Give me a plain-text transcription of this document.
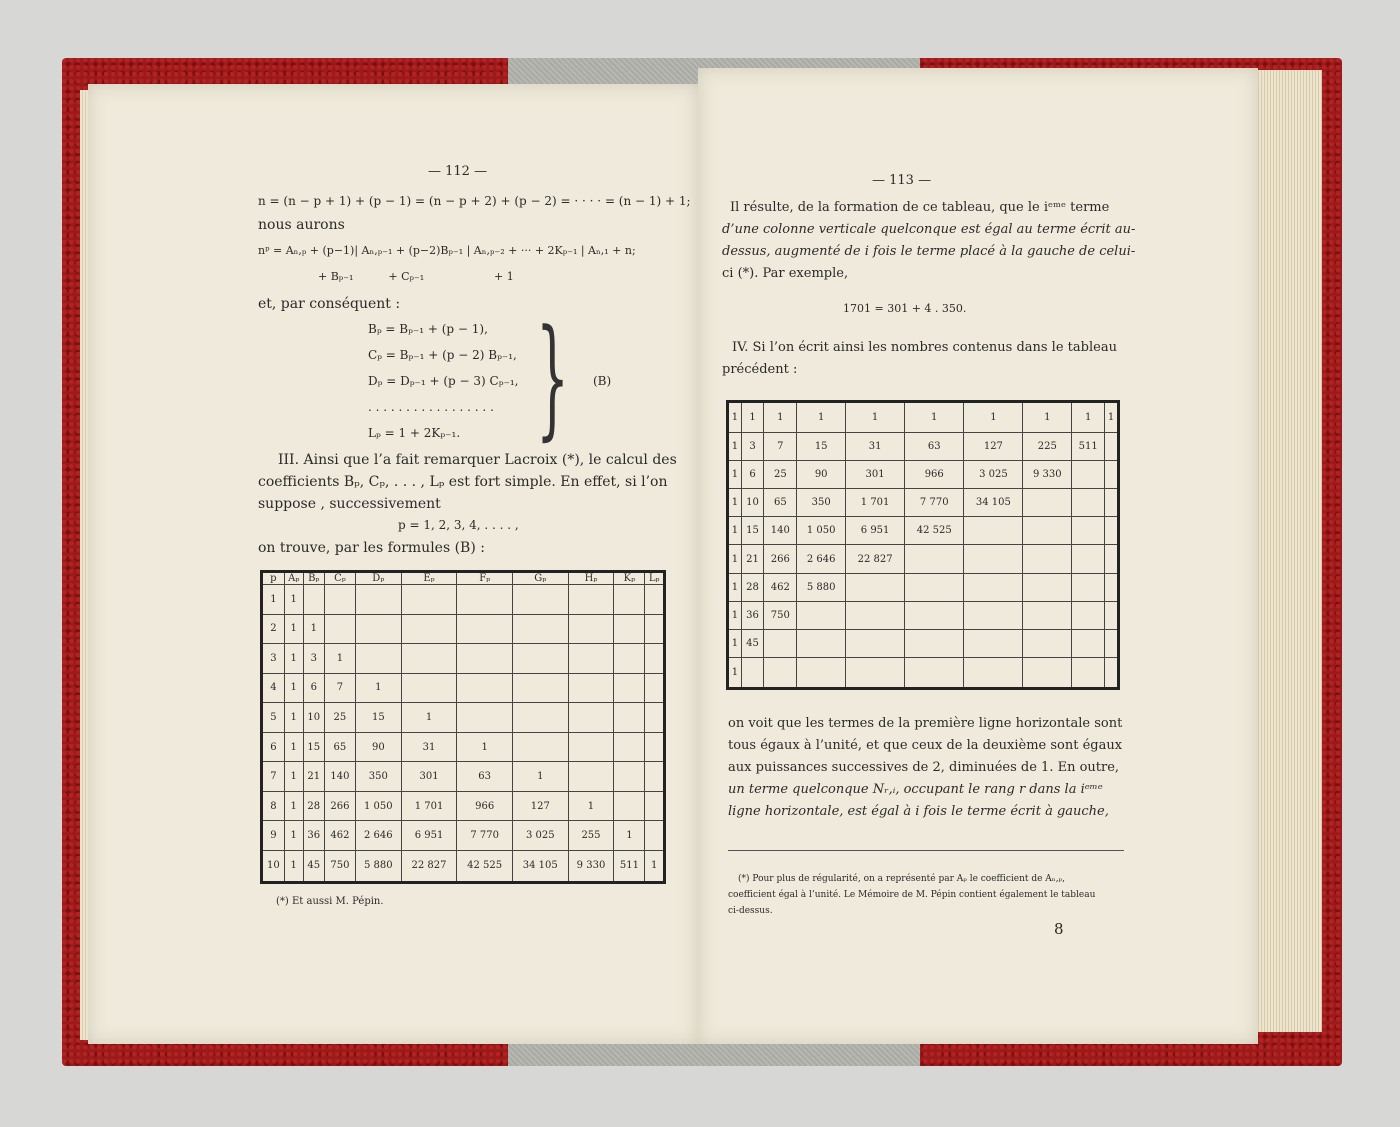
— 112 —
n = (n − p + 1) + (p − 1) = (n − p + 2) + (p − 2) = · · · · = (n − 1) + 1;
nous aurons
nᵖ = Aₙ,ₚ + (p−1)| Aₙ,ₚ₋₁ + (p−2)Bₚ₋₁ | Aₙ,ₚ₋₂ + ··· + 2Kₚ₋₁ | Aₙ,₁ + n;
+ Bₚ₋₁          + Cₚ₋₁                    + 1
et, par conséquent :
Bₚ = Bₚ₋₁ + (p − 1),
Cₚ = Bₚ₋₁ + (p − 2) Bₚ₋₁,
Dₚ = Dₚ₋₁ + (p − 3) Cₚ₋₁,
. . . . . . . . . . . . . . . . .
Lₚ = 1 + 2Kₚ₋₁. } (B)
III. Ainsi que l’a fait remarquer Lacroix (*), le calcul des
coefficients Bₚ, Cₚ, . . . , Lₚ est fort simple. En effet, si l’on
suppose , successivement
p = 1, 2, 3, 4, . . . . ,
on trouve, par les formules (B) :
p	Aₚ	Bₚ	Cₚ	Dₚ	Eₚ	Fₚ	Gₚ	Hₚ	Kₚ	Lₚ
1	1									
2	1	1								
3	1	3	1							
4	1	6	7	1						
5	1	10	25	15	1					
6	1	15	65	90	31	1				
7	1	21	140	350	301	63	1			
8	1	28	266	1 050	1 701	966	127	1		
9	1	36	462	2 646	6 951	7 770	3 025	255	1	
10	1	45	750	5 880	22 827	42 525	34 105	9 330	511	1
(*) Et aussi M. Pépin.
— 113 —
Il résulte, de la formation de ce tableau, que le iᵉᵐᵉ terme
d’une colonne verticale quelconque est égal au terme écrit au-
dessus, augmenté de i fois le terme placé à la gauche de celui-
ci (*). Par exemple,
1701 = 301 + 4 . 350.
IV. Si l’on écrit ainsi les nombres contenus dans le tableau
précédent :
1	1	1	1	1	1	1	1	1	1
1	3	7	15	31	63	127	225	511	
1	6	25	90	301	966	3 025	9 330		
1	10	65	350	1 701	7 770	34 105			
1	15	140	1 050	6 951	42 525				
1	21	266	2 646	22 827					
1	28	462	5 880						
1	36	750							
1	45								
1									
on voit que les termes de la première ligne horizontale sont
tous égaux à l’unité, et que ceux de la deuxième sont égaux
aux puissances successives de 2, diminuées de 1. En outre,
un terme quelconque Nᵣ,ᵢ, occupant le rang r dans la iᵉᵐᵉ
ligne horizontale, est égal à i fois le terme écrit à gauche,
(*) Pour plus de régularité, on a représenté par Aₚ le coefficient de Aₙ,ₚ,
coefficient égal à l’unité. Le Mémoire de M. Pépin contient également le tableau
ci-dessus.
8
